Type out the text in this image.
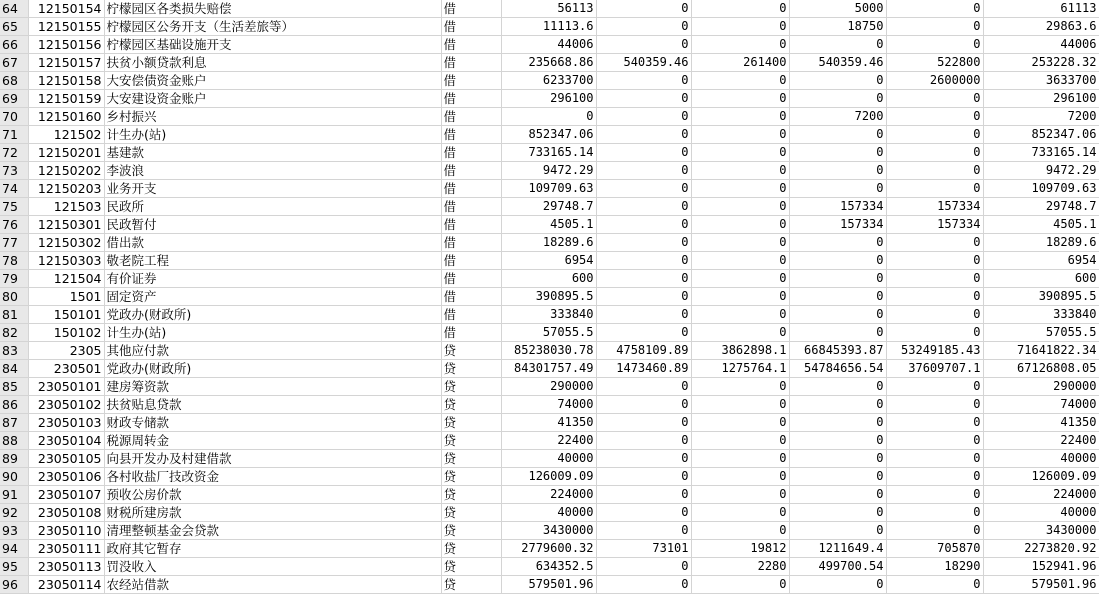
64	12150154	柠檬园区各类损失赔偿	借	56113	0	0	5000	0	61113
65	12150155	柠檬园区公务开支（生活差旅等）	借	11113.6	0	0	18750	0	29863.6
66	12150156	柠檬园区基础设施开支	借	44006	0	0	0	0	44006
67	12150157	扶贫小额贷款利息	借	235668.86	540359.46	261400	540359.46	522800	253228.32
68	12150158	大安偿债资金账户	借	6233700	0	0	0	2600000	3633700
69	12150159	大安建设资金账户	借	296100	0	0	0	0	296100
70	12150160	乡村振兴	借	0	0	0	7200	0	7200
71	121502	计生办(站)	借	852347.06	0	0	0	0	852347.06
72	12150201	基建款	借	733165.14	0	0	0	0	733165.14
73	12150202	李波浪	借	9472.29	0	0	0	0	9472.29
74	12150203	业务开支	借	109709.63	0	0	0	0	109709.63
75	121503	民政所	借	29748.7	0	0	157334	157334	29748.7
76	12150301	民政暂付	借	4505.1	0	0	157334	157334	4505.1
77	12150302	借出款	借	18289.6	0	0	0	0	18289.6
78	12150303	敬老院工程	借	6954	0	0	0	0	6954
79	121504	有价证券	借	600	0	0	0	0	600
80	1501	固定资产	借	390895.5	0	0	0	0	390895.5
81	150101	党政办(财政所)	借	333840	0	0	0	0	333840
82	150102	计生办(站)	借	57055.5	0	0	0	0	57055.5
83	2305	其他应付款	贷	85238030.78	4758109.89	3862898.1	66845393.87	53249185.43	71641822.34
84	230501	党政办(财政所)	贷	84301757.49	1473460.89	1275764.1	54784656.54	37609707.1	67126808.05
85	23050101	建房筹资款	贷	290000	0	0	0	0	290000
86	23050102	扶贫贴息贷款	贷	74000	0	0	0	0	74000
87	23050103	财政专储款	贷	41350	0	0	0	0	41350
88	23050104	税源周转金	贷	22400	0	0	0	0	22400
89	23050105	向县开发办及村建借款	贷	40000	0	0	0	0	40000
90	23050106	各村收盐厂技改资金	贷	126009.09	0	0	0	0	126009.09
91	23050107	预收公房价款	贷	224000	0	0	0	0	224000
92	23050108	财税所建房款	贷	40000	0	0	0	0	40000
93	23050110	清理整顿基金会贷款	贷	3430000	0	0	0	0	3430000
94	23050111	政府其它暂存	贷	2779600.32	73101	19812	1211649.4	705870	2273820.92
95	23050113	罚没收入	贷	634352.5	0	2280	499700.54	18290	152941.96
96	23050114	农经站借款	贷	579501.96	0	0	0	0	579501.96
